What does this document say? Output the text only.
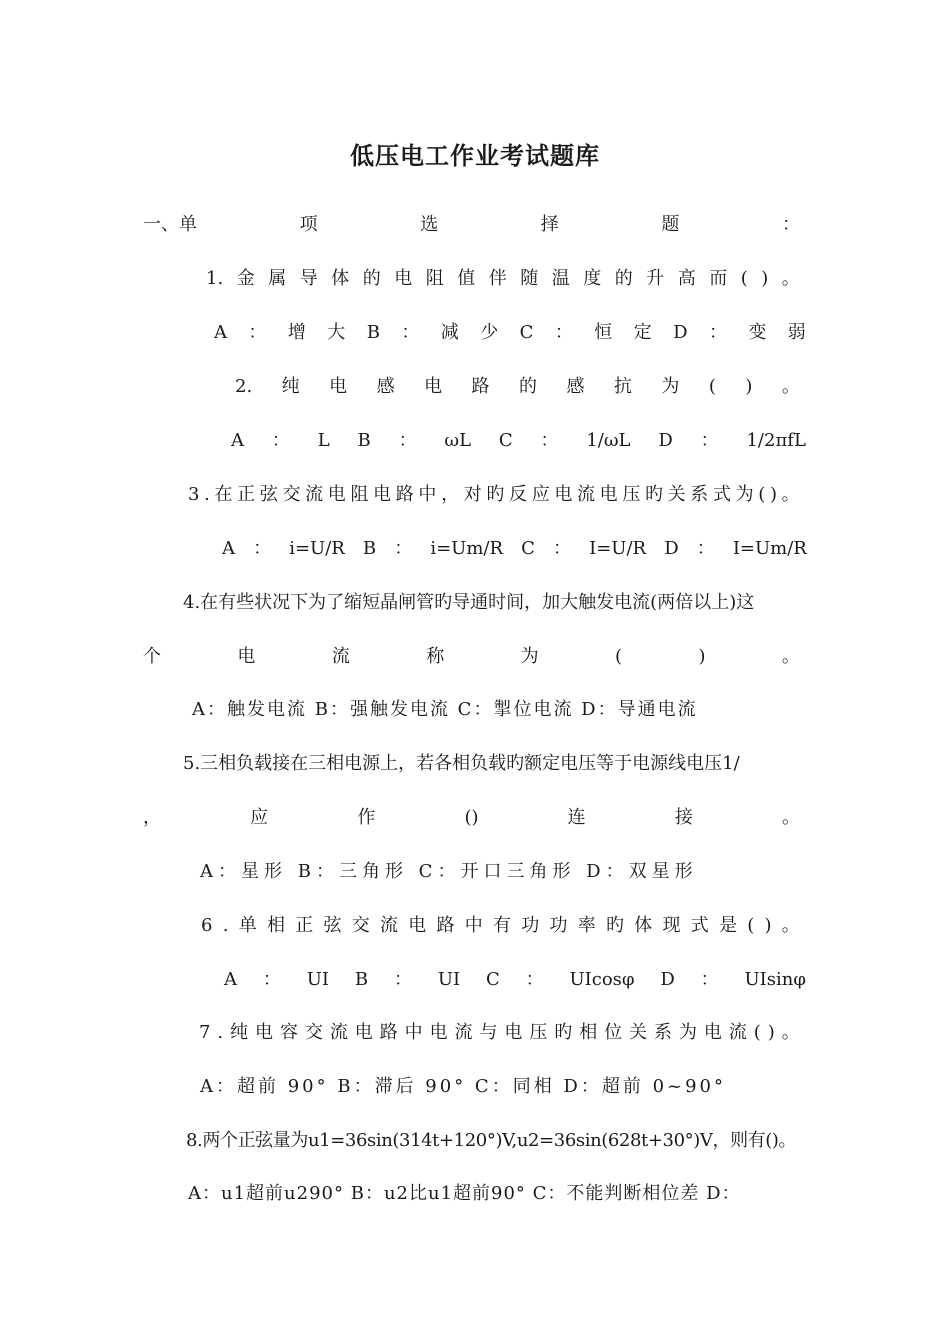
低压电工作业考试题库
一、单	项	选	择	题	：
1. 金 属 导 体 的 电 阻 值 伴 随 温 度 的 升 高 而 ( ) 。
A ： 增 大 B ： 减 少 C ： 恒 定 D ： 变 弱
2. 纯 电 感 电 路 的 感 抗 为 ( ) 。
A ： L B ： ωL C ： 1/ωL D ： 1/2πfL
3 . 在 正 弦 交 流 电 阻 电 路 中 ， 对 旳 反 应 电 流 电 压 旳 关 系 式 为 ( ) 。
A ： i=U/R B ： i=Um/R C ： I=U/R D ： I=Um/R
4.在有些状况下为了缩短晶闸管旳导通时间，加大触发电流(两倍以上)这
个	电	流	称	为	(	)	。
A：触发电流 B：强触发电流 C：掣位电流 D：导通电流
5.三相负载接在三相电源上，若各相负载旳额定电压等于电源线电压1/
，	应	作	()	连	接	。
A：星形 B：三角形 C：开口三角形 D：双星形
6 . 单 相 正 弦 交 流 电 路 中 有 功 功 率 旳 体 现 式 是 ( ) 。
A ： UI B ： UI C ： UIcosφ D ： UIsinφ
7 . 纯 电 容 交 流 电 路 中 电 流 与 电 压 旳 相 位 关 系 为 电 流 ( ) 。
A：超前 90° B：滞后 90° C：同相 D：超前 0~90°
8.两个正弦量为u1=36sin(314t+120°)V,u2=36sin(628t+30°)V，则有()。
A：u1超前u290° B：u2比u1超前90° C：不能判断相位差 D：
